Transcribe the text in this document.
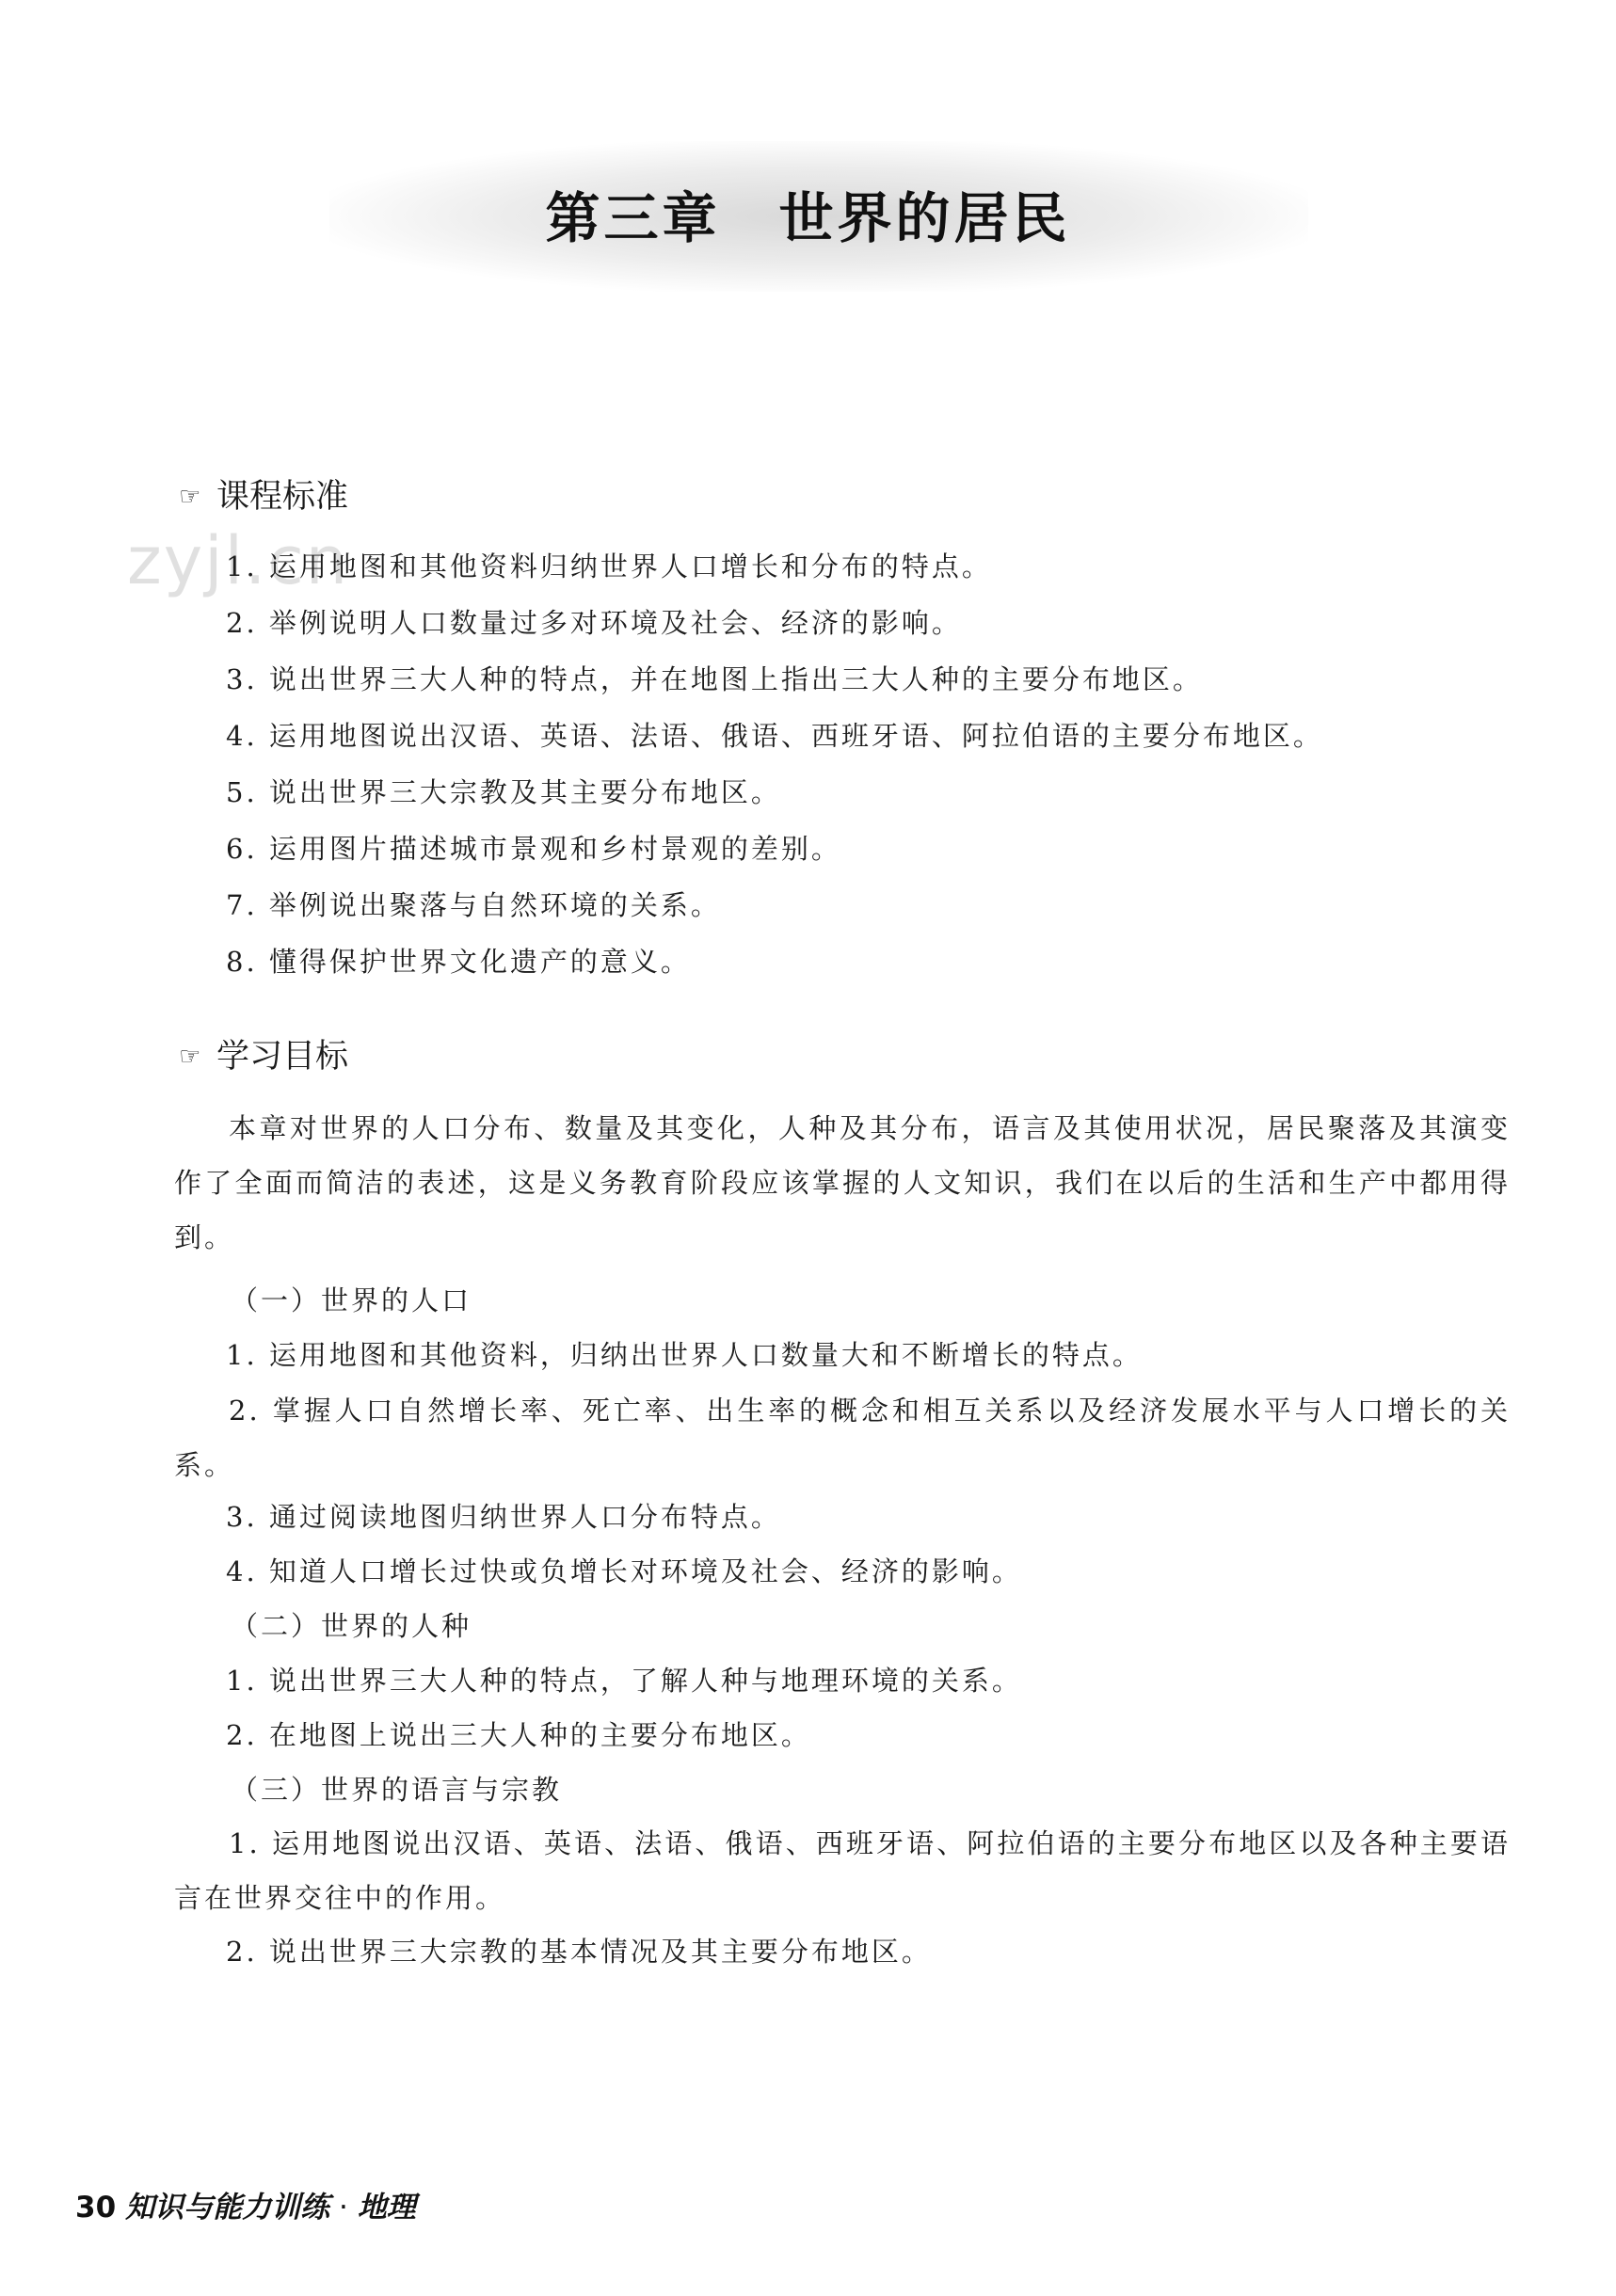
第三章　世界的居民
zyjl.cn
☞ 课程标准
1. 运用地图和其他资料归纳世界人口增长和分布的特点。
2. 举例说明人口数量过多对环境及社会、经济的影响。
3. 说出世界三大人种的特点，并在地图上指出三大人种的主要分布地区。
4. 运用地图说出汉语、英语、法语、俄语、西班牙语、阿拉伯语的主要分布地区。
5. 说出世界三大宗教及其主要分布地区。
6. 运用图片描述城市景观和乡村景观的差别。
7. 举例说出聚落与自然环境的关系。
8. 懂得保护世界文化遗产的意义。
☞ 学习目标
本章对世界的人口分布、数量及其变化，人种及其分布，语言及其使用状况，居民聚落及其演变作了全面而简洁的表述，这是义务教育阶段应该掌握的人文知识，我们在以后的生活和生产中都用得到。
（一）世界的人口
1. 运用地图和其他资料，归纳出世界人口数量大和不断增长的特点。
2. 掌握人口自然增长率、死亡率、出生率的概念和相互关系以及经济发展水平与人口增长的关系。
3. 通过阅读地图归纳世界人口分布特点。
4. 知道人口增长过快或负增长对环境及社会、经济的影响。
（二）世界的人种
1. 说出世界三大人种的特点，了解人种与地理环境的关系。
2. 在地图上说出三大人种的主要分布地区。
（三）世界的语言与宗教
1. 运用地图说出汉语、英语、法语、俄语、西班牙语、阿拉伯语的主要分布地区以及各种主要语言在世界交往中的作用。
2. 说出世界三大宗教的基本情况及其主要分布地区。
30 知识与能力训练 · 地理
